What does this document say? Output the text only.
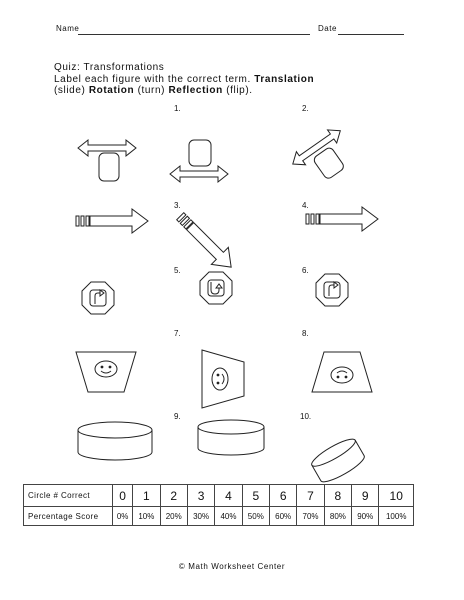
Name	Date
Quiz: Transformations
Label each figure with the correct term. Translation
(slide) Rotation (turn) Reflection (flip).
1.	2.
3.	4.
5.	6.
7.	8.
9.	10.
Circle # Correct	0	1	2	3	4	5	6	7	8	9	10
Percentage Score	0%	10%	20%	30%	40%	50%	60%	70%	80%	90%	100%
© Math Worksheet Center
